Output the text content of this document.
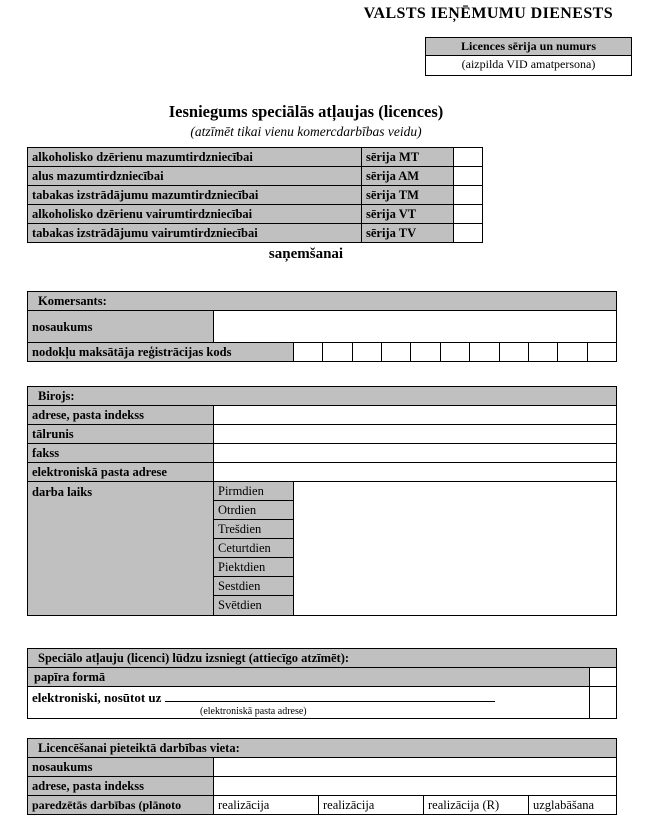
VALSTS IEŅĒMUMU DIENESTS
Licences sērija un numurs
(aizpilda VID amatpersona)
Iesniegums speciālās atļaujas (licences)
(atzīmēt tikai vienu komercdarbības veidu)
alkoholisko dzērienu mazumtirdzniecībai	sērija MT
alus mazumtirdzniecībai	sērija AM
tabakas izstrādājumu mazumtirdzniecībai	sērija TM
alkoholisko dzērienu vairumtirdzniecībai	sērija VT
tabakas izstrādājumu vairumtirdzniecībai	sērija TV
saņemšanai
Komersants:
nosaukums
nodokļu maksātāja reģistrācijas kods
Birojs:
adrese, pasta indekss
tālrunis
fakss
elektroniskā pasta adrese
darba laiks	Pirmdien
Otrdien
Trešdien
Ceturtdien
Piektdien
Sestdien
Svētdien
Speciālo atļauju (licenci) lūdzu izsniegt (attiecīgo atzīmēt):
papīra formā
elektroniski, nosūtot uz
(elektroniskā pasta adrese)
Licencēšanai pieteiktā darbības vieta:
nosaukums
adrese, pasta indekss
paredzētās darbības (plānoto	realizācija	realizācija	realizācija (R)	uzglabāšana
